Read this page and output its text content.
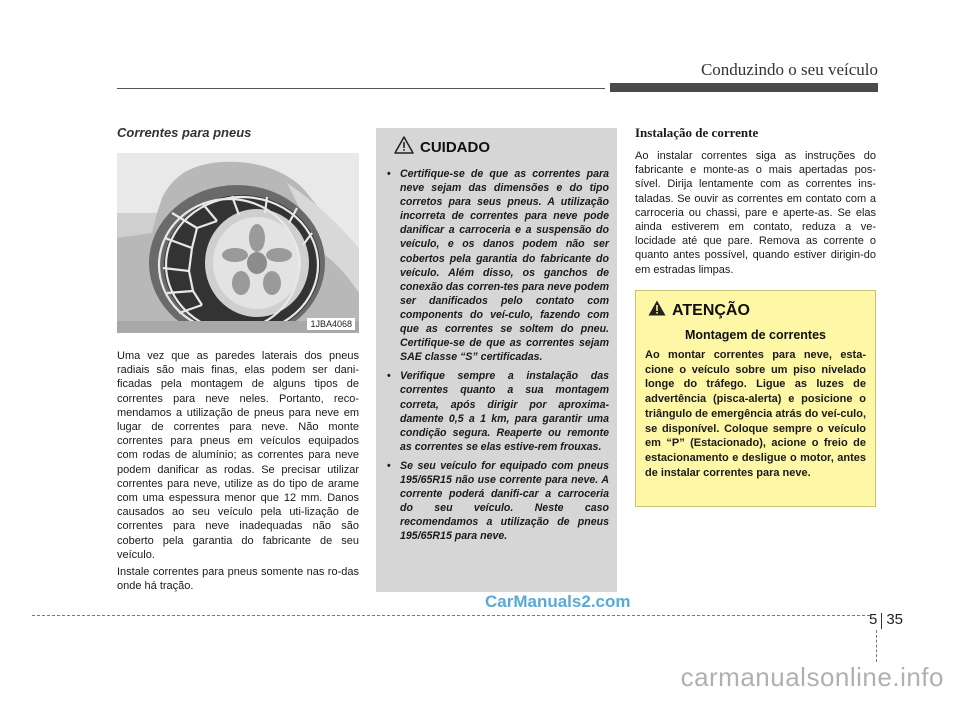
Conduzindo o seu veículo
Correntes para pneus
1JBA4068

Uma vez que as paredes laterais dos pneus radiais são mais finas, elas podem ser dani-ficadas pela montagem de alguns tipos de correntes para neve neles. Portanto, reco-mendamos a utilização de pneus para neve em lugar de correntes para neve. Não monte correntes para pneus em veículos equipados com rodas de alumínio; as correntes para neve podem danificar as rodas. Se precisar utilizar correntes para neve, utilize as do tipo de arame com uma espessura menor que 12 mm. Danos causados ao seu veículo pela uti-lização de correntes para neve inadequadas não são coberto pela garantia do fabricante de seu veículo.

Instale correntes para pneus somente nas ro-das onde há tração.

CUIDADO
• Certifique-se de que as correntes para neve sejam das dimensões e do tipo corretos para seus pneus. A utilização incorreta de correntes para neve pode danificar a carroceria e a suspensão do veículo, e os danos podem não ser cobertos pela garantia do fabricante do veículo. Além disso, os ganchos de conexão das corren-tes para neve podem ser danificados pelo contato com components do veí-culo, fazendo com que as correntes se soltem do pneu. Certifique-se de que as correntes sejam SAE classe “S” certificadas.
• Verifique sempre a instalação das correntes quanto a sua montagem correta, após dirigir por aproxima-damente 0,5 a 1 km, para garantir uma condição segura. Reaperte ou remonte as correntes se elas estive-rem frouxas.
• Se seu veículo for equipado com pneus 195/65R15 não use corrente para neve. A corrente poderá danifi-car a carroceria do seu veículo. Neste caso recomendamos a utilização de pneus 195/65R15 para neve.
Instalação de corrente

Ao instalar correntes siga as instruções do fabricante e monte-as o mais apertadas pos-sível. Dirija lentamente com as correntes ins-taladas. Se ouvir as correntes em contato com a carroceria ou chassi, pare e aperte-as. Se elas ainda estiverem em contato, reduza a ve-locidade até que pare. Remova as corrente o quanto antes possível, quando estiver dirigin-do em estradas limpas.

ATENÇÃO
Montagem de correntes

Ao montar correntes para neve, esta-cione o veículo sobre um piso nivelado longe do tráfego. Ligue as luzes de advertência (pisca-alerta) e posicione o triângulo de emergência atrás do veí-culo, se disponível. Coloque sempre o veículo em “P” (Estacionado), acione o freio de estacionamento e desligue o motor, antes de instalar correntes para neve.

CarManuals2.com
5 35
carmanualsonline.info
